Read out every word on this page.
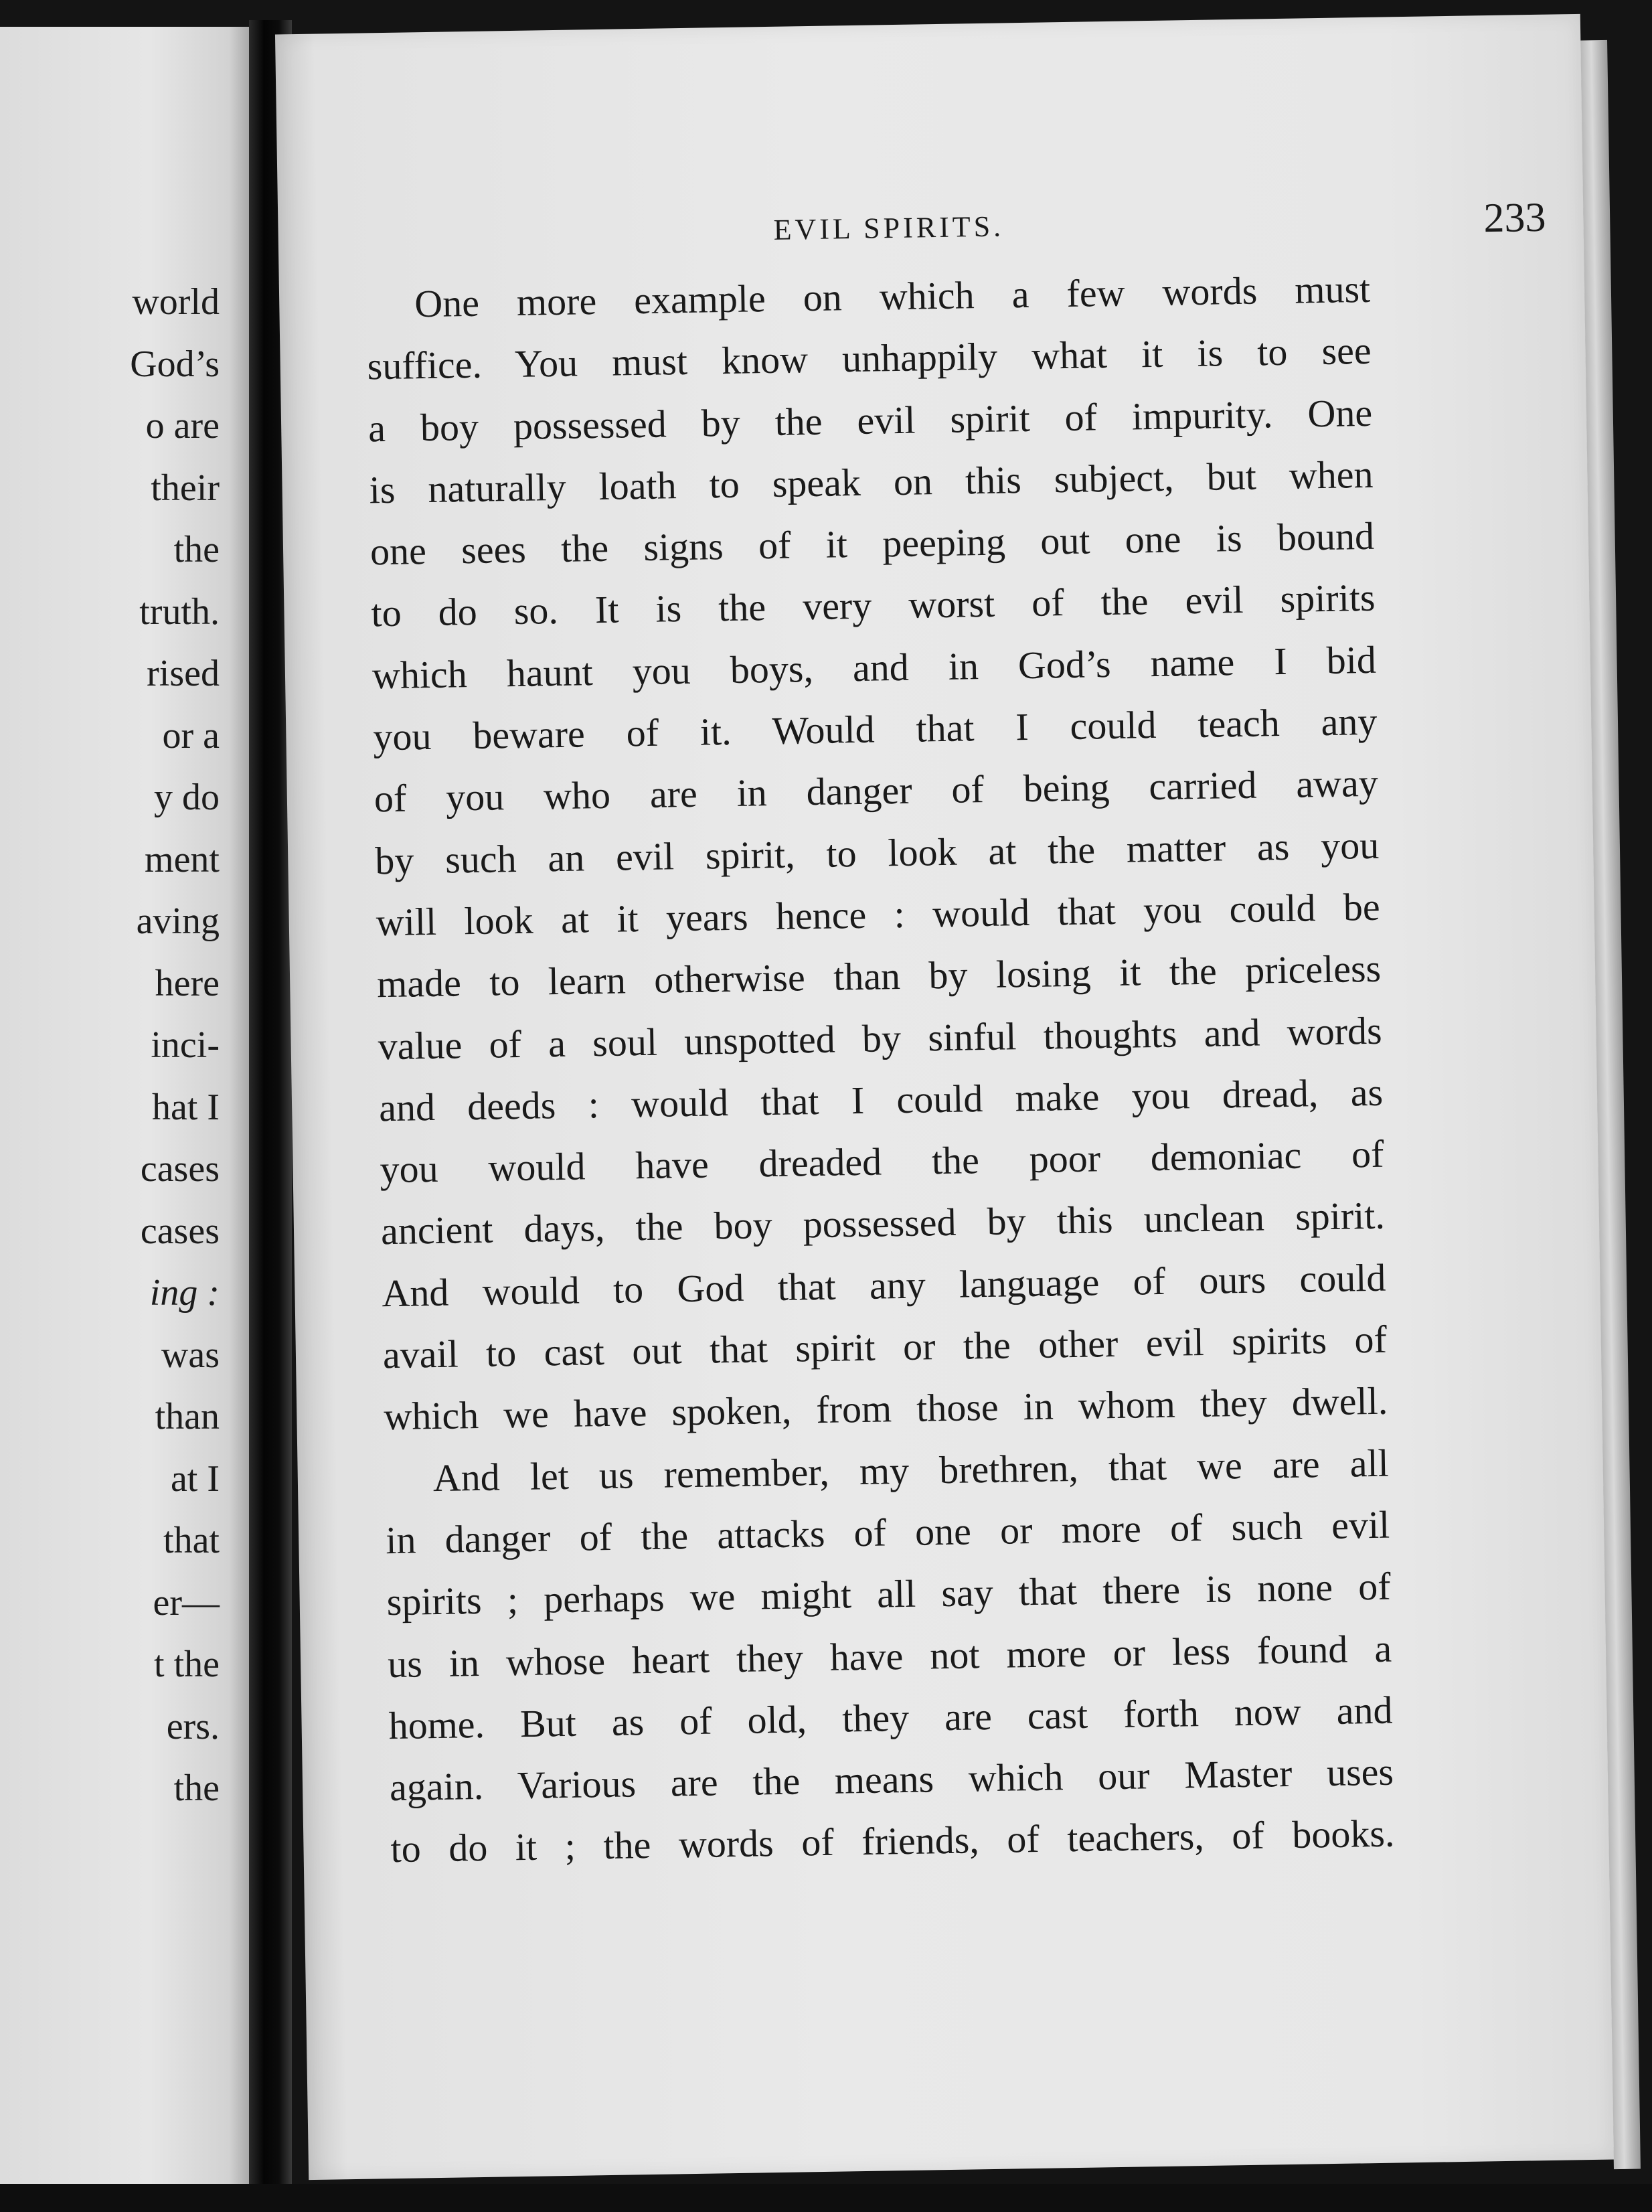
world
God’s
o are
their
the
truth.
rised
or a
y do
ment
aving
here
inci-
hat I
cases
cases
ing :
was
than
at I
that
er—
t the
ers.
the
EVIL SPIRITS.	233
One more example on which a few words must
suffice. You must know unhappily what it is to see
a boy possessed by the evil spirit of impurity. One
is naturally loath to speak on this subject, but when
one sees the signs of it peeping out one is bound
to do so. It is the very worst of the evil spirits
which haunt you boys, and in God’s name I bid
you beware of it. Would that I could teach any
of you who are in danger of being carried away
by such an evil spirit, to look at the matter as you
will look at it years hence : would that you could be
made to learn otherwise than by losing it the priceless
value of a soul unspotted by sinful thoughts and words
and deeds : would that I could make you dread, as
you would have dreaded the poor demoniac of
ancient days, the boy possessed by this unclean spirit.
And would to God that any language of ours could
avail to cast out that spirit or the other evil spirits of
which we have spoken, from those in whom they dwell.
And let us remember, my brethren, that we are all
in danger of the attacks of one or more of such evil
spirits ; perhaps we might all say that there is none of
us in whose heart they have not more or less found a
home. But as of old, they are cast forth now and
again. Various are the means which our Master uses
to do it ; the words of friends, of teachers, of books.
